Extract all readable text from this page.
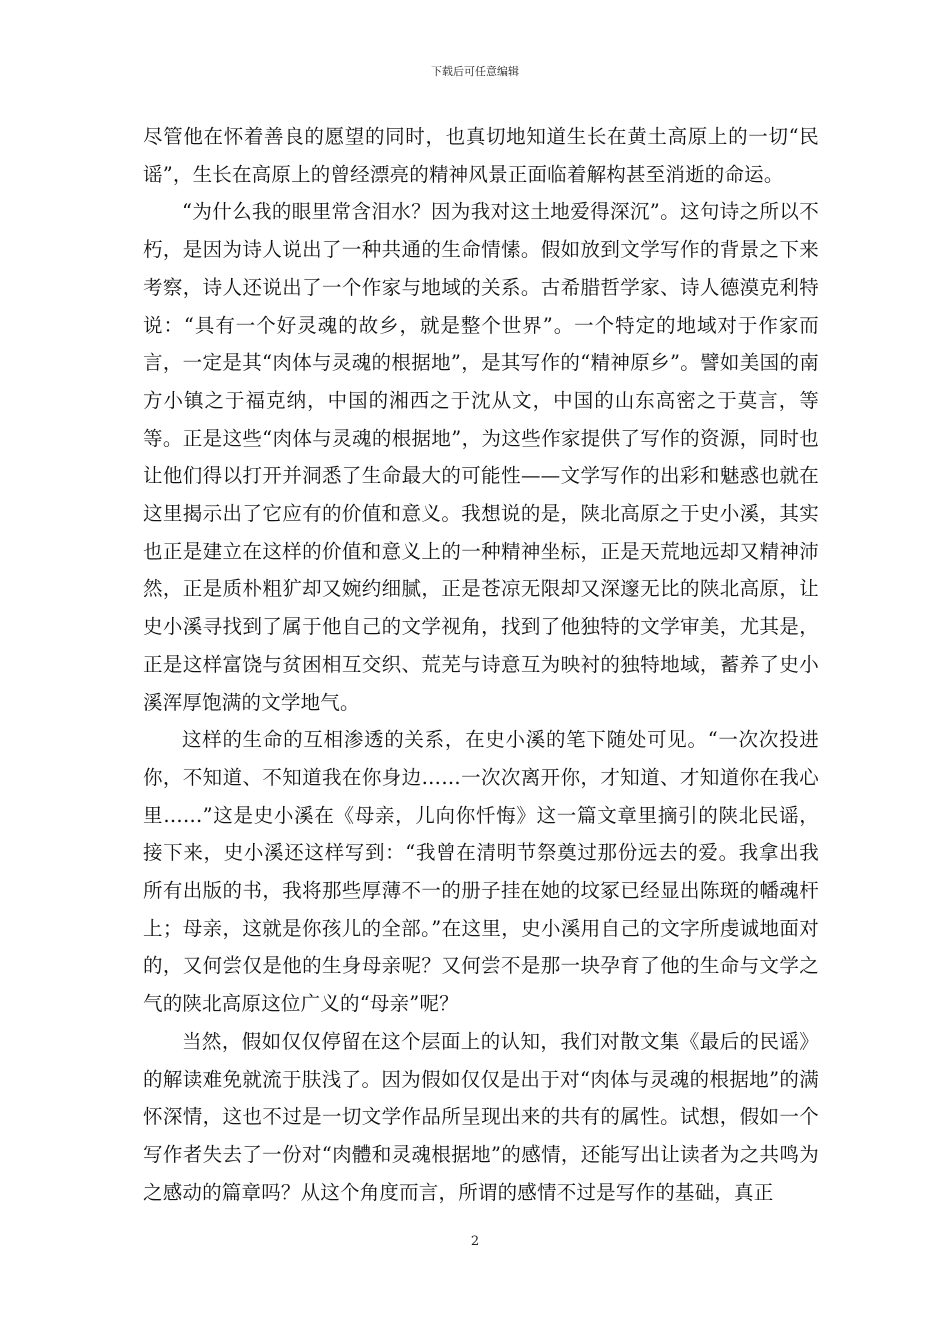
下载后可任意编辑

尽管他在怀着善良的愿望的同时，也真切地知道生长在黄土高原上的一切“民谣”，生长在高原上的曾经漂亮的精神风景正面临着解构甚至消逝的命运。

“为什么我的眼里常含泪水？因为我对这土地爱得深沉”。这句诗之所以不朽，是因为诗人说出了一种共通的生命情愫。假如放到文学写作的背景之下来考察，诗人还说出了一个作家与地域的关系。古希腊哲学家、诗人德漠克利特说：“具有一个好灵魂的故乡，就是整个世界”。一个特定的地域对于作家而言，一定是其“肉体与灵魂的根据地”，是其写作的“精神原乡”。譬如美国的南方小镇之于福克纳，中国的湘西之于沈从文，中国的山东高密之于莫言，等等。正是这些“肉体与灵魂的根据地”，为这些作家提供了写作的资源，同时也让他们得以打开并洞悉了生命最大的可能性——文学写作的出彩和魅惑也就在这里揭示出了它应有的价值和意义。我想说的是，陕北高原之于史小溪，其实也正是建立在这样的价值和意义上的一种精神坐标，正是天荒地远却又精神沛然，正是质朴粗犷却又婉约细腻，正是苍凉无限却又深邃无比的陕北高原，让史小溪寻找到了属于他自己的文学视角，找到了他独特的文学审美，尤其是，正是这样富饶与贫困相互交织、荒芜与诗意互为映衬的独特地域，蓄养了史小溪浑厚饱满的文学地气。

这样的生命的互相渗透的关系，在史小溪的笔下随处可见。“一次次投进你，不知道、不知道我在你身边……一次次离开你，才知道、才知道你在我心里……”这是史小溪在《母亲，儿向你忏悔》这一篇文章里摘引的陕北民谣，接下来，史小溪还这样写到：“我曾在清明节祭奠过那份远去的爱。我拿出我所有出版的书，我将那些厚薄不一的册子挂在她的坟冢已经显出陈斑的幡魂杆上；母亲，这就是你孩儿的全部。”在这里，史小溪用自己的文字所虔诚地面对的，又何尝仅是他的生身母亲呢？又何尝不是那一块孕育了他的生命与文学之气的陕北高原这位广义的“母亲”呢？

当然，假如仅仅停留在这个层面上的认知，我们对散文集《最后的民谣》的解读难免就流于肤浅了。因为假如仅仅是出于对“肉体与灵魂的根据地”的满怀深情，这也不过是一切文学作品所呈现出来的共有的属性。试想，假如一个写作者失去了一份对“肉體和灵魂根据地”的感情，还能写出让读者为之共鸣为之感动的篇章吗？从这个角度而言，所谓的感情不过是写作的基础，真正

2
